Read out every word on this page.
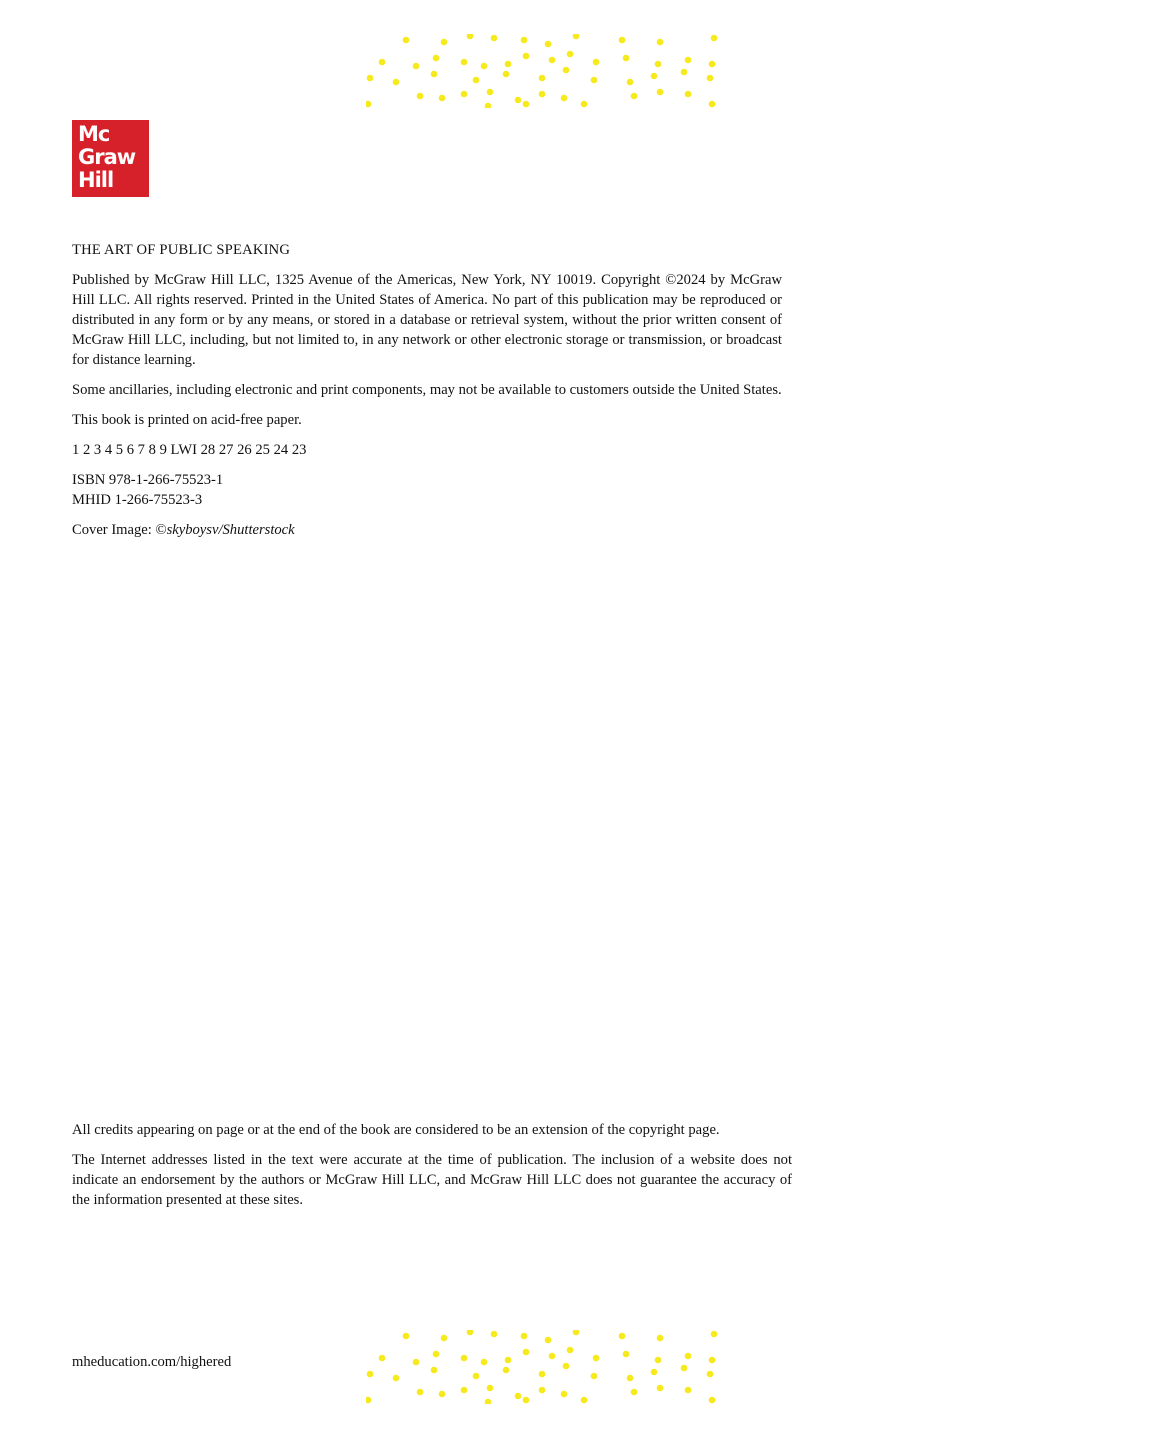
Mc
Graw
Hill
THE ART OF PUBLIC SPEAKING

Published by McGraw Hill LLC, 1325 Avenue of the Americas, New York, NY 10019. Copyright ©2024 by McGraw Hill LLC. All rights reserved. Printed in the United States of America. No part of this publication may be reproduced or distributed in any form or by any means, or stored in a database or retrieval system, without the prior written consent of McGraw Hill LLC, including, but not limited to, in any network or other electronic storage or transmission, or broadcast for distance learning.

Some ancillaries, including electronic and print components, may not be available to customers outside the United States.

This book is printed on acid-free paper.

1 2 3 4 5 6 7 8 9 LWI 28 27 26 25 24 23

ISBN 978-1-266-75523-1
MHID 1-266-75523-3

Cover Image: ©skyboysv/Shutterstock

All credits appearing on page or at the end of the book are considered to be an extension of the copyright page.

The Internet addresses listed in the text were accurate at the time of publication. The inclusion of a website does not indicate an endorsement by the authors or McGraw Hill LLC, and McGraw Hill LLC does not guarantee the accuracy of the information presented at these sites.

mheducation.com/highered
